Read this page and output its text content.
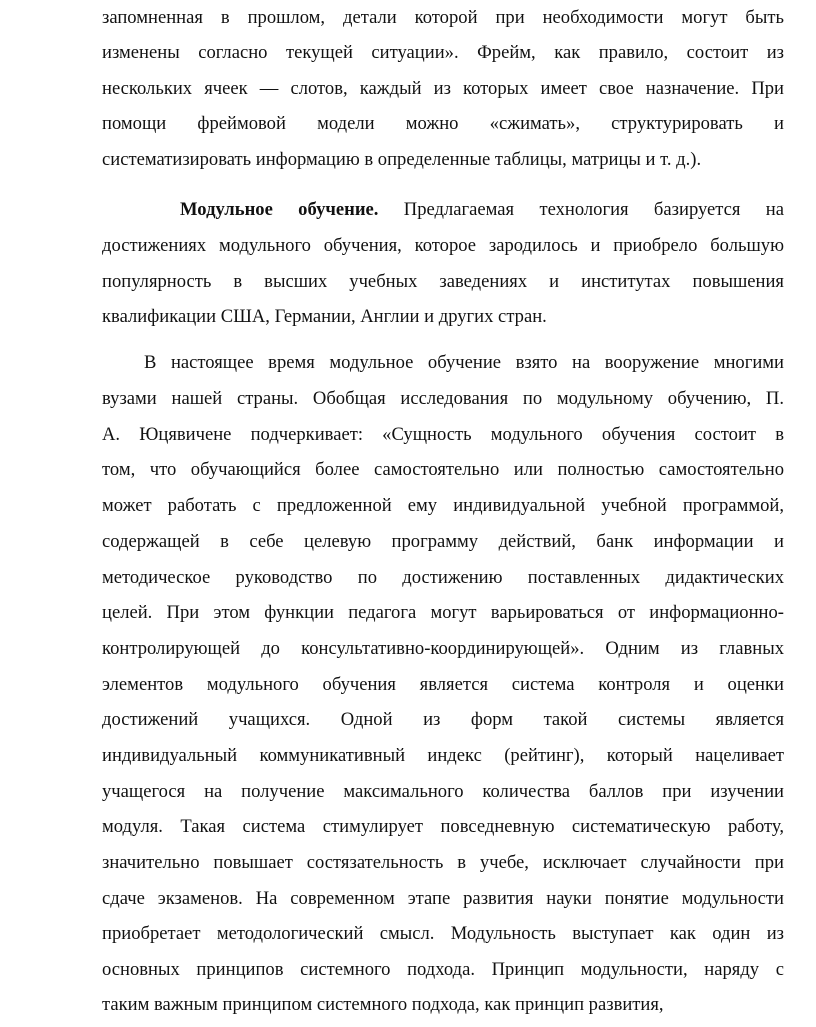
запомненная в прошлом, детали которой при необходимости могут быть
изменены согласно текущей ситуации». Фрейм, как правило, состоит из
нескольких ячеек — слотов, каждый из которых имеет свое назначение. При
помощи фреймовой модели можно «сжимать», структурировать и
систематизировать информацию в определенные таблицы, матрицы и т. д.).
Модульное обучение. Предлагаемая технология базируется на
достижениях модульного обучения, которое зародилось и приобрело большую
популярность в высших учебных заведениях и институтах повышения
квалификации США, Германии, Англии и других стран.
В настоящее время модульное обучение взято на вооружение многими
вузами нашей страны. Обобщая исследования по модульному обучению, П.
А. Юцявичене подчеркивает: «Сущность модульного обучения состоит в
том, что обучающийся более самостоятельно или полностью самостоятельно
может работать с предложенной ему индивидуальной учебной программой,
содержащей в себе целевую программу действий, банк информации и
методическое руководство по достижению поставленных дидактических
целей. При этом функции педагога могут варьироваться от информационно-
контролирующей до консультативно-координирующей». Одним из главных
элементов модульного обучения является система контроля и оценки
достижений учащихся. Одной из форм такой системы является
индивидуальный коммуникативный индекс (рейтинг), который нацеливает
учащегося на получение максимального количества баллов при изучении
модуля. Такая система стимулирует повседневную систематическую работу,
значительно повышает состязательность в учебе, исключает случайности при
сдаче экзаменов. На современном этапе развития науки понятие модульности
приобретает методологический смысл. Модульность выступает как один из
основных принципов системного подхода. Принцип модульности, наряду с
таким важным принципом системного подхода, как принцип развития,
